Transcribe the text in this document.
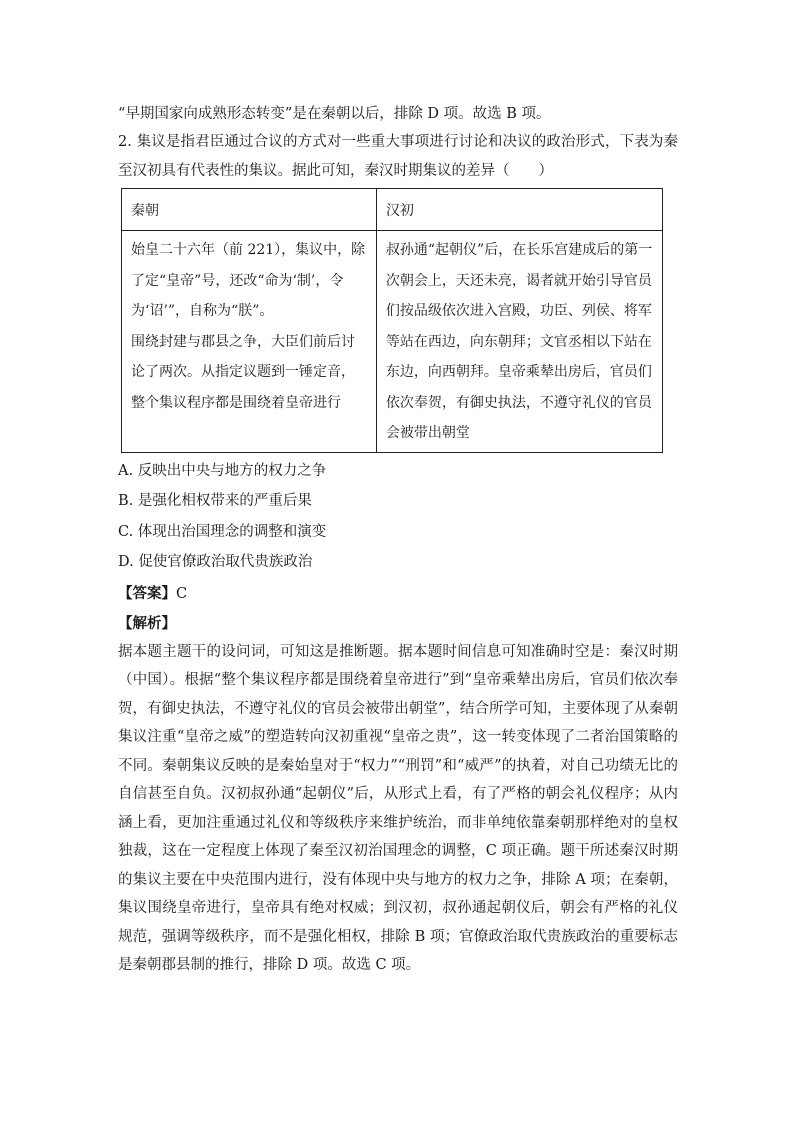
“早期国家向成熟形态转变”是在秦朝以后，排除 D 项。故选 B 项。
2. 集议是指君臣通过合议的方式对一些重大事项进行讨论和决议的政治形式，下表为秦至汉初具有代表性的集议。据此可知，秦汉时期集议的差异（　　）
秦朝	汉初

始皇二十六年（前 221），集议中，除了定“皇帝”号，还改“命为‘制’，令为‘诏’”，自称为“朕”。
围绕封建与郡县之争，大臣们前后讨论了两次。从指定议题到一锤定音，整个集议程序都是围绕着皇帝进行	叔孙通“起朝仪”后，在长乐宫建成后的第一次朝会上，天还未亮，谒者就开始引导官员们按品级依次进入宫殿，功臣、列侯、将军等站在西边，向东朝拜；文官丞相以下站在东边，向西朝拜。皇帝乘辇出房后，官员们依次奉贺，有御史执法，不遵守礼仪的官员会被带出朝堂
A. 反映出中央与地方的权力之争
B. 是强化相权带来的严重后果
C. 体现出治国理念的调整和演变
D. 促使官僚政治取代贵族政治
【答案】C
【解析】
据本题主题干的设问词，可知这是推断题。据本题时间信息可知准确时空是：秦汉时期（中国）。根据“整个集议程序都是围绕着皇帝进行”到“皇帝乘辇出房后，官员们依次奉贺，有御史执法，不遵守礼仪的官员会被带出朝堂”，结合所学可知，主要体现了从秦朝集议注重“皇帝之威”的塑造转向汉初重视“皇帝之贵”，这一转变体现了二者治国策略的不同。秦朝集议反映的是秦始皇对于“权力”“刑罚”和“威严”的执着，对自己功绩无比的自信甚至自负。汉初叔孙通“起朝仪”后，从形式上看，有了严格的朝会礼仪程序；从内涵上看，更加注重通过礼仪和等级秩序来维护统治，而非单纯依靠秦朝那样绝对的皇权独裁，这在一定程度上体现了秦至汉初治国理念的调整，C 项正确。题干所述秦汉时期的集议主要在中央范围内进行，没有体现中央与地方的权力之争，排除 A 项；在秦朝，集议围绕皇帝进行，皇帝具有绝对权威；到汉初，叔孙通起朝仪后，朝会有严格的礼仪规范，强调等级秩序，而不是强化相权，排除 B 项；官僚政治取代贵族政治的重要标志是秦朝郡县制的推行，排除 D 项。故选 C 项。
